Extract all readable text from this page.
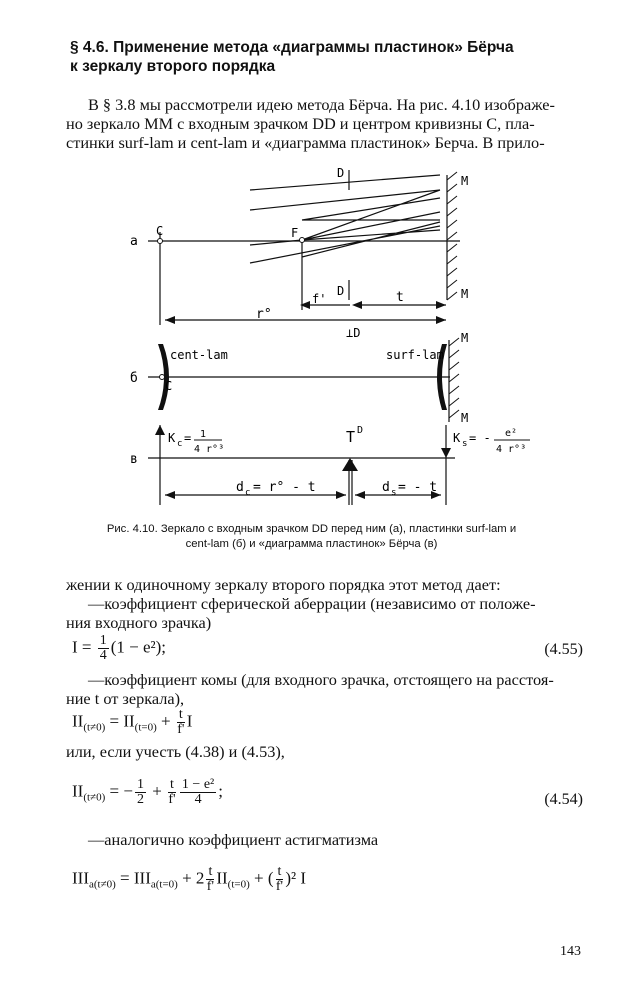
§ 4.6. Применение метода «диаграммы пластинок» Бёрча
к зеркалу второго порядка
В § 3.8 мы рассмотрели идею метода Бёрча. На рис. 4.10 изображе-
но зеркало MM с входным зрачком DD и центром кривизны C, пла-
стинки surf-lam и cent-lam и «диаграмма пластинок» Берча. В прило-
a
C	F
D
M
D	M
f'	t
r°
⊥D
б C
cent-lam	surf-lam
M
M
в
T D
K c = 1
4 r°³
K s = - e²
4 r°³
d c = r° - t	d s = - t
Рис. 4.10. Зеркало с входным зрачком DD перед ним (а), пластинки surf-lam и
cent-lam (б) и «диаграмма пластинок» Бёрча (в)
жении к одиночному зеркалу второго порядка этот метод дает:
—коэффициент сферической аберрации (независимо от положе-
ния входного зрачка)
$I = \frac{1}{4} (1 - e^2)$;	(4.55)
—коэффициент комы (для входного зрачка, отстоящего на расстоя-
ние t от зеркала),
$II_{(t\ne 0)} = II_{(t=0)} + \frac{t}{f'}$ I
или, если учесть (4.38) и (4.53),
$II_{(t\ne 0)}$ = − $\frac{1}{2} + \frac{t}{f'} \frac{\text{1 − e²}}{4}$ ;	(4.54)
—аналогично коэффициент астигматизма
$III_{a(t\ne 0)} = III_{a(t=0)} + 2 \frac{t}{f'} II_{(t=0)}$ + ( $\frac{t}{f'} )^2$ I
143
